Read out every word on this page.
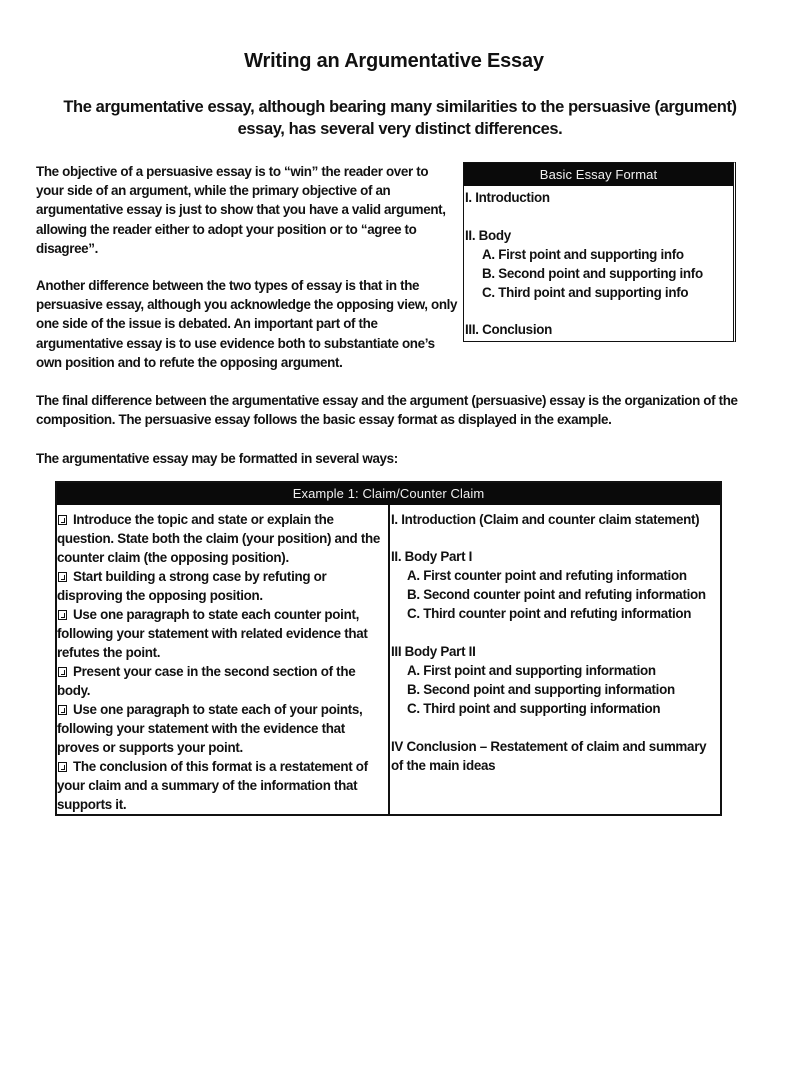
Writing an Argumentative Essay

The argumentative essay, although bearing many similarities to the persuasive (argument) essay, has several very distinct differences.

The objective of a persuasive essay is to “win” the reader over to your side of an argument, while the primary objective of an argumentative essay is just to show that you have a valid argument, allowing the reader either to adopt your position or to “agree to disagree”.

Another difference between the two types of essay is that in the persuasive essay, although you acknowledge the opposing view, only one side of the issue is debated. An important part of the argumentative essay is to use evidence both to substantiate one’s own position and to refute the opposing argument.

Basic Essay Format
I. Introduction
II. Body
A. First point and supporting info
B. Second point and supporting info
C. Third point and supporting info
III. Conclusion

The final difference between the argumentative essay and the argument (persuasive) essay is the organization of the composition. The persuasive essay follows the basic essay format as displayed in the example.

The argumentative essay may be formatted in several ways:

Example 1: Claim/Counter Claim
Introduce the topic and state or explain the question. State both the claim (your position) and the counter claim (the opposing position).
Start building a strong case by refuting or disproving the opposing position.
Use one paragraph to state each counter point, following your statement with related evidence that refutes the point.
Present your case in the second section of the body.
Use one paragraph to state each of your points, following your statement with the evidence that proves or supports your point.
The conclusion of this format is a restatement of your claim and a summary of the information that supports it.
I. Introduction (Claim and counter claim statement)
II. Body Part I
A. First counter point and refuting information
B. Second counter point and refuting information
C. Third counter point and refuting information
III Body Part II
A. First point and supporting information
B. Second point and supporting information
C. Third point and supporting information
IV Conclusion – Restatement of claim and summary
of the main ideas
